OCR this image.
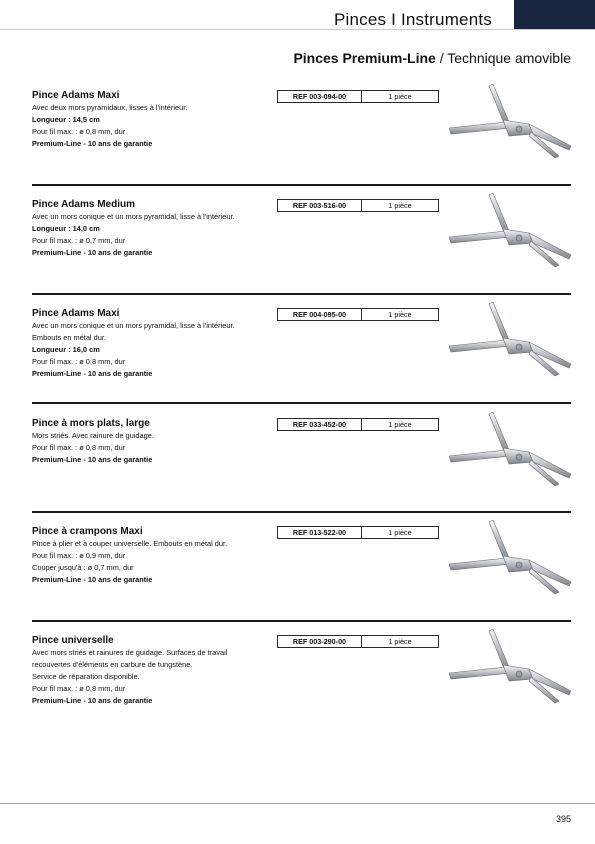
Pinces I Instruments
Pinces Premium-Line / Technique amovible
Pince Adams Maxi
Avec deux mors pyramidaux, lisses à l'intérieur.
Longueur : 14,5 cm
Pour fil max. : ø 0,8 mm, dur
Premium-Line - 10 ans de garantie
REF 003-094-00	1 pièce
Pince Adams Medium
Avec un mors conique et un mors pyramidal, lisse à l'intérieur.
Longueur : 14,0 cm
Pour fil max. : ø 0,7 mm, dur
Premium-Line - 10 ans de garantie
REF 003-516-00	1 pièce
Pince Adams Maxi
Avec un mors conique et un mors pyramidal, lisse à l'intérieur.
Embouts en métal dur.
Longueur : 16,0 cm
Pour fil max. : ø 0,8 mm, dur
Premium-Line - 10 ans de garantie
REF 004-095-00	1 pièce
Pince à mors plats, large
Mors striés. Avec rainure de guidage.
Pour fil max. : ø 0,8 mm, dur
Premium-Line - 10 ans de garantie
REF 033-452-00	1 pièce
Pince à crampons Maxi
Pince à plier et à couper universelle. Embouts en métal dur.
Pour fil max. : ø 0,9 mm, dur
Couper jusqu'à : ø 0,7 mm, dur
Premium-Line - 10 ans de garantie
REF 013-522-00	1 pièce
Pince universelle
Avec mors striés et rainures de guidage. Surfaces de travail
recouvertes d'éléments en carbure de tungstène.
Service de réparation disponible.
Pour fil max. : ø 0,8 mm, dur
Premium-Line - 10 ans de garantie
REF 003-290-00	1 pièce
395
